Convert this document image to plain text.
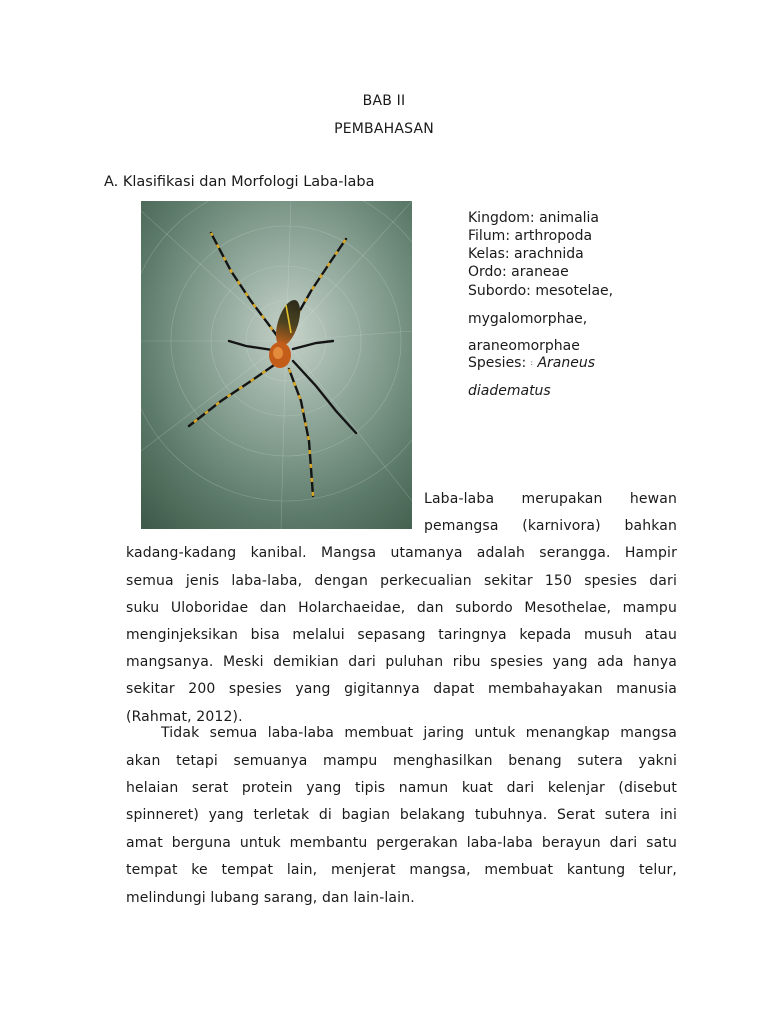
BAB II
PEMBAHASAN
A. Klasifikasi dan Morfologi Laba-laba
Kingdom: animalia
Filum: arthropoda
Kelas: arachnida
Ordo: araneae
Subordo: mesotelae,
mygalomorphae,
araneomorphae
Spesies: : Araneus
diadematus
Laba-laba merupakan hewan
pemangsa (karnivora) bahkan
kadang-kadang kanibal. Mangsa utamanya adalah serangga. Hampir
semua jenis laba-laba, dengan perkecualian sekitar 150 spesies dari
suku Uloboridae dan Holarchaeidae, dan subordo Mesothelae, mampu
menginjeksikan bisa melalui sepasang taringnya kepada musuh atau
mangsanya. Meski demikian dari puluhan ribu spesies yang ada hanya
sekitar 200 spesies yang gigitannya dapat membahayakan manusia
(Rahmat, 2012).
Tidak semua laba-laba membuat jaring untuk menangkap mangsa
akan tetapi semuanya mampu menghasilkan benang sutera yakni
helaian serat protein yang tipis namun kuat dari kelenjar (disebut
spinneret) yang terletak di bagian belakang tubuhnya. Serat sutera ini
amat berguna untuk membantu pergerakan laba-laba berayun dari satu
tempat ke tempat lain, menjerat mangsa, membuat kantung telur,
melindungi lubang sarang, dan lain-lain.
